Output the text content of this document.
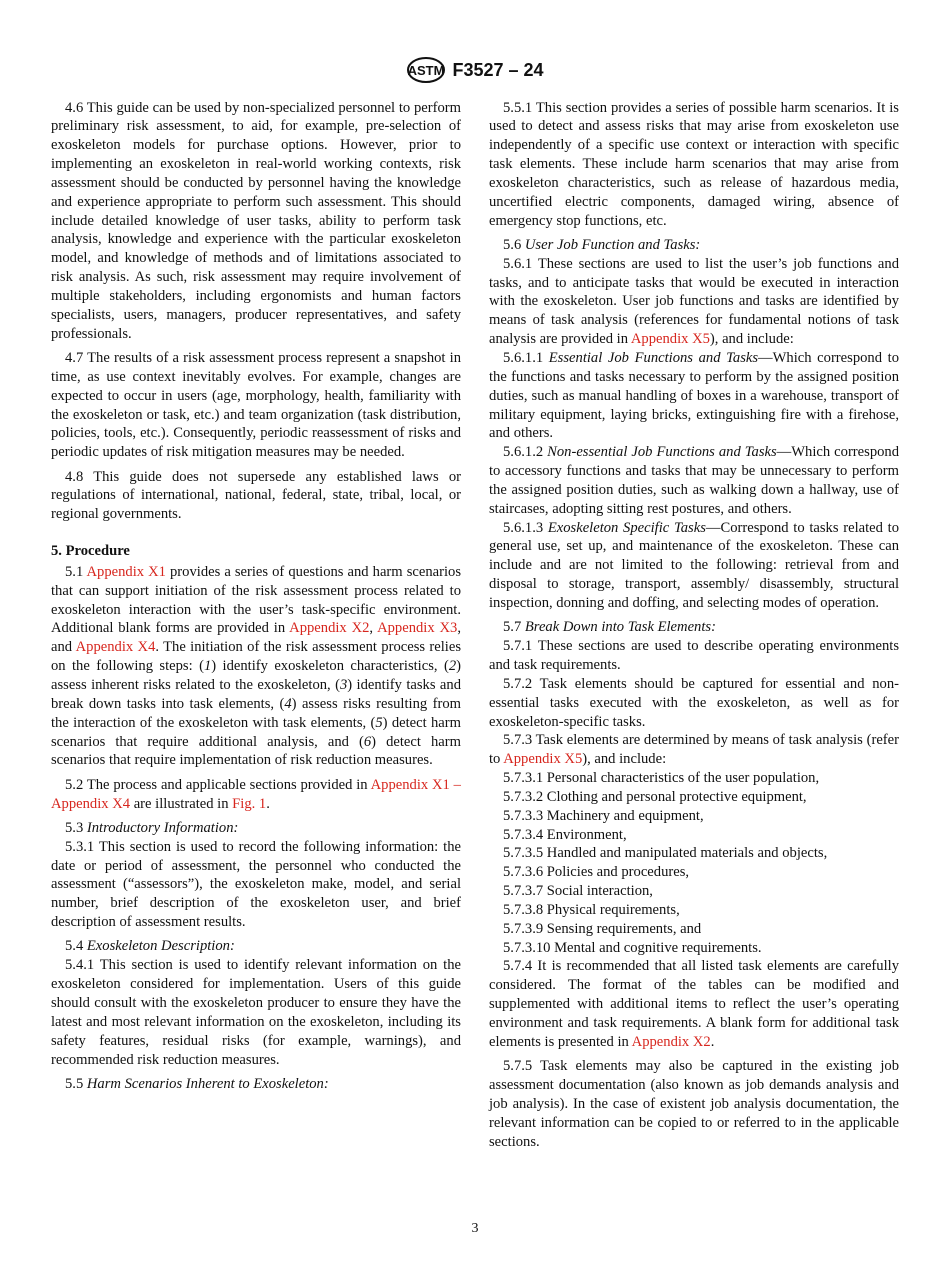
ASTM F3527 – 24

4.6 This guide can be used by non-specialized personnel to perform preliminary risk assessment, to aid, for example, pre-selection of exoskeleton models for purchase options. However, prior to implementing an exoskeleton in real-world working contexts, risk assessment should be conducted by personnel having the knowledge and experience appropriate to perform such assessment. This should include detailed knowledge of user tasks, ability to perform task analysis, knowledge and experience with the particular exoskeleton model, and knowledge of methods and of limitations associated to risk analysis. As such, risk assessment may require involvement of multiple stakeholders, including ergonomists and human factors specialists, users, managers, producer representatives, and safety professionals.

4.7 The results of a risk assessment process represent a snapshot in time, as use context inevitably evolves. For example, changes are expected to occur in users (age, morphology, health, familiarity with the exoskeleton or task, etc.) and team organization (task distribution, policies, tools, etc.). Consequently, periodic reassessment of risks and periodic updates of risk mitigation measures may be needed.

4.8 This guide does not supersede any established laws or regulations of international, national, federal, state, tribal, local, or regional governments.

5. Procedure

5.1 Appendix X1 provides a series of questions and harm scenarios that can support initiation of the risk assessment process related to exoskeleton interaction with the user’s task-specific environment. Additional blank forms are provided in Appendix X2, Appendix X3, and Appendix X4. The initiation of the risk assessment process relies on the following steps: (1) identify exoskeleton characteristics, (2) assess inherent risks related to the exoskeleton, (3) identify tasks and break down tasks into task elements, (4) assess risks resulting from the interaction of the exoskeleton with task elements, (5) detect harm scenarios that require additional analysis, and (6) detect harm scenarios that require implementation of risk reduction measures.

5.2 The process and applicable sections provided in Appendix X1 – Appendix X4 are illustrated in Fig. 1.

5.3 Introductory Information:

5.3.1 This section is used to record the following information: the date or period of assessment, the personnel who conducted the assessment (“assessors”), the exoskeleton make, model, and serial number, brief description of the exoskeleton user, and brief description of assessment results.

5.4 Exoskeleton Description:

5.4.1 This section is used to identify relevant information on the exoskeleton considered for implementation. Users of this guide should consult with the exoskeleton producer to ensure they have the latest and most relevant information on the exoskeleton, including its safety features, residual risks (for example, warnings), and recommended risk reduction measures.

5.5 Harm Scenarios Inherent to Exoskeleton:

5.5.1 This section provides a series of possible harm scenarios. It is used to detect and assess risks that may arise from exoskeleton use independently of a specific use context or interaction with specific task elements. These include harm scenarios that may arise from exoskeleton characteristics, such as release of hazardous media, uncertified electric components, damaged wiring, absence of emergency stop functions, etc.

5.6 User Job Function and Tasks:

5.6.1 These sections are used to list the user’s job functions and tasks, and to anticipate tasks that would be executed in interaction with the exoskeleton. User job functions and tasks are identified by means of task analysis (references for fundamental notions of task analysis are provided in Appendix X5), and include:

5.6.1.1 Essential Job Functions and Tasks—Which correspond to the functions and tasks necessary to perform by the assigned position duties, such as manual handling of boxes in a warehouse, transport of military equipment, laying bricks, extinguishing fire with a firehose, and others.

5.6.1.2 Non-essential Job Functions and Tasks—Which correspond to accessory functions and tasks that may be unnecessary to perform the assigned position duties, such as walking down a hallway, use of staircases, adopting sitting rest postures, and others.

5.6.1.3 Exoskeleton Specific Tasks—Correspond to tasks related to general use, set up, and maintenance of the exoskeleton. These can include and are not limited to the following: retrieval from and disposal to storage, transport, assembly/ disassembly, structural inspection, donning and doffing, and selecting modes of operation.

5.7 Break Down into Task Elements:

5.7.1 These sections are used to describe operating environments and task requirements.

5.7.2 Task elements should be captured for essential and non-essential tasks executed with the exoskeleton, as well as for exoskeleton-specific tasks.

5.7.3 Task elements are determined by means of task analysis (refer to Appendix X5), and include:

5.7.3.1 Personal characteristics of the user population,

5.7.3.2 Clothing and personal protective equipment,

5.7.3.3 Machinery and equipment,

5.7.3.4 Environment,

5.7.3.5 Handled and manipulated materials and objects,

5.7.3.6 Policies and procedures,

5.7.3.7 Social interaction,

5.7.3.8 Physical requirements,

5.7.3.9 Sensing requirements, and

5.7.3.10 Mental and cognitive requirements.

5.7.4 It is recommended that all listed task elements are carefully considered. The format of the tables can be modified and supplemented with additional items to reflect the user’s operating environment and task requirements. A blank form for additional task elements is presented in Appendix X2.

5.7.5 Task elements may also be captured in the existing job assessment documentation (also known as job demands analysis and job analysis). In the case of existent job analysis documentation, the relevant information can be copied to or referred to in the applicable sections.

3
